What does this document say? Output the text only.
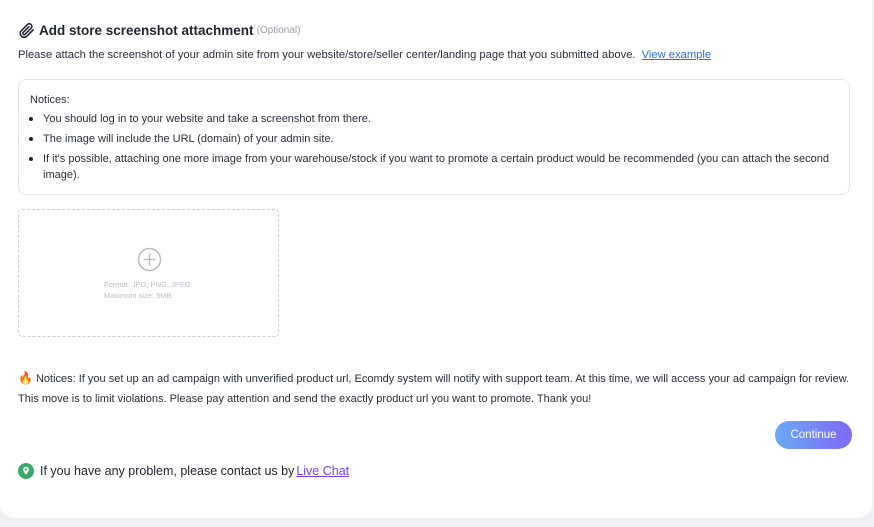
Add store screenshot attachment (Optional)
Please attach the screenshot of your admin site from your website/store/seller center/landing page that you submitted above. View example
Notices:
You should log in to your website and take a screenshot from there.
The image will include the URL (domain) of your admin site.
If it's possible, attaching one more image from your warehouse/stock if you want to promote a certain product would be recommended (you can attach the second image).
Format: JPG, PNG, JPEG
Maximum size: 5MB
🔥 Notices: If you set up an ad campaign with unverified product url, Ecomdy system will notify with support team. At this time, we will access your ad campaign for review. This move is to limit violations. Please pay attention and send the exactly product url you want to promote. Thank you!
Continue
If you have any problem, please contact us by Live Chat
